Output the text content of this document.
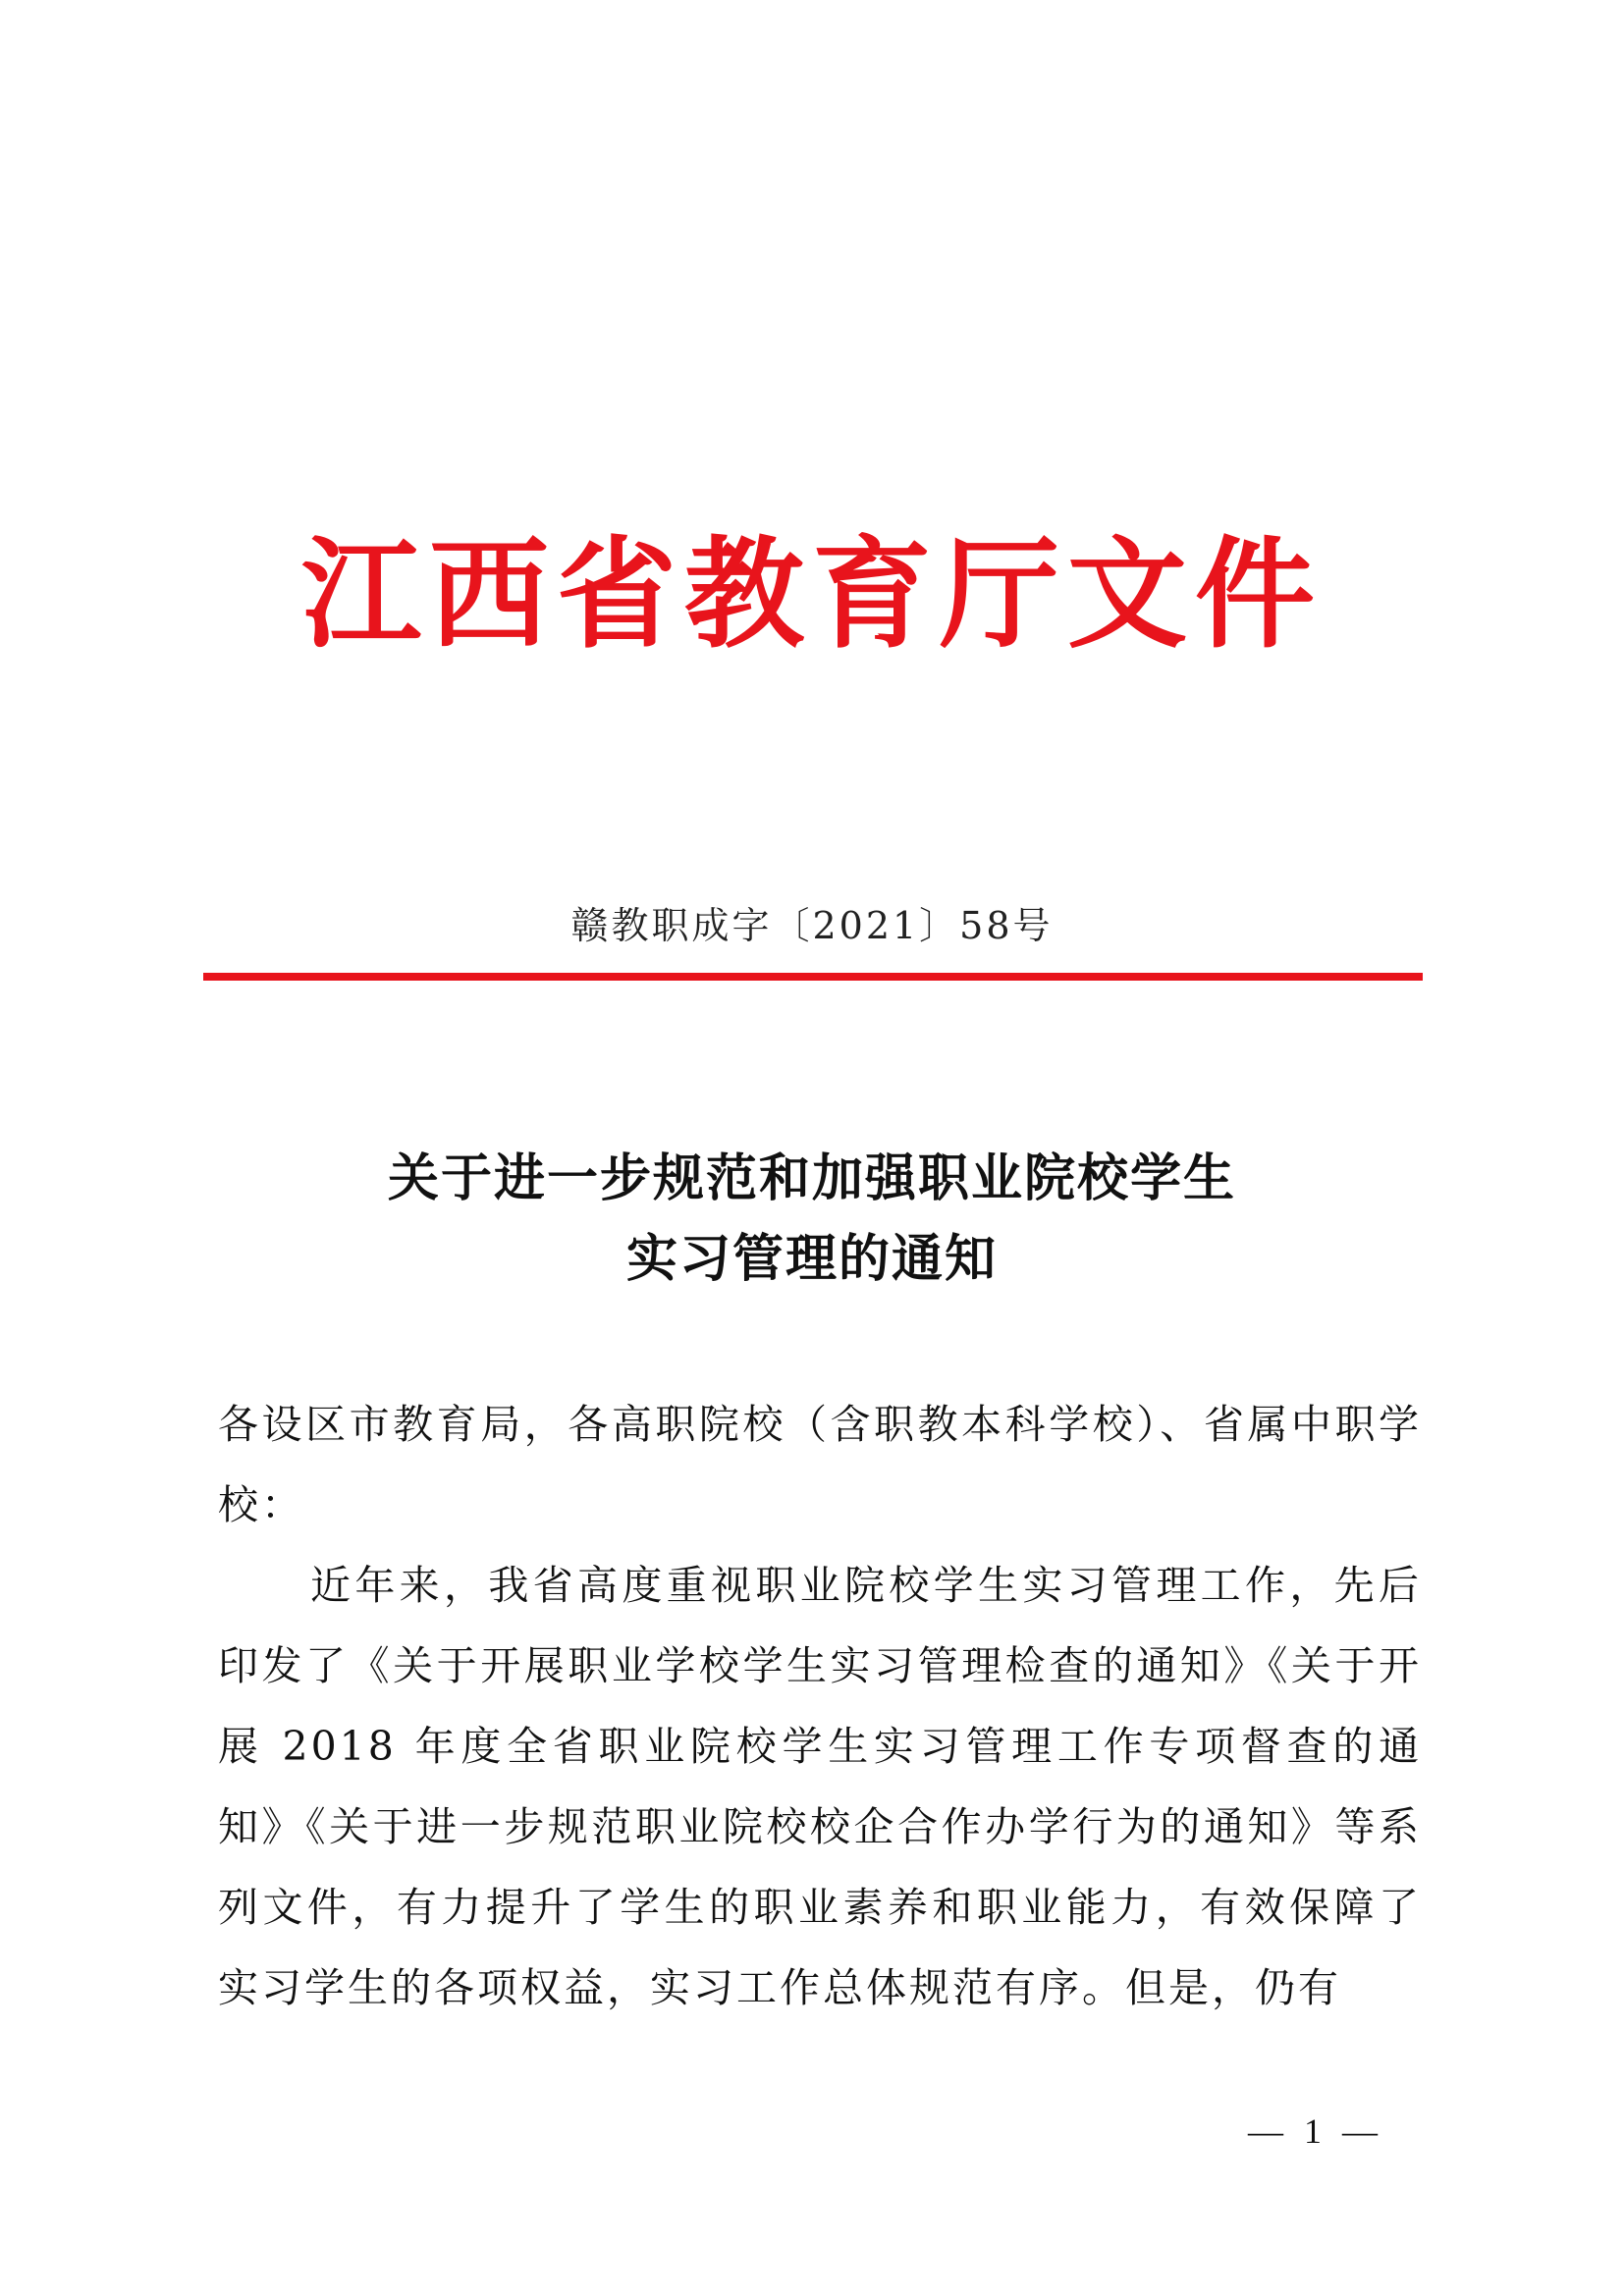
江西省教育厅文件
赣教职成字〔2021〕58号
关于进一步规范和加强职业院校学生
实习管理的通知

各设区市教育局，各高职院校（含职教本科学校）、省属中职学校：

近年来，我省高度重视职业院校学生实习管理工作，先后印发了《关于开展职业学校学生实习管理检查的通知》《关于开展 2018 年度全省职业院校学生实习管理工作专项督查的通知》《关于进一步规范职业院校校企合作办学行为的通知》等系列文件，有力提升了学生的职业素养和职业能力，有效保障了实习学生的各项权益，实习工作总体规范有序。但是，仍有

— 1 —
